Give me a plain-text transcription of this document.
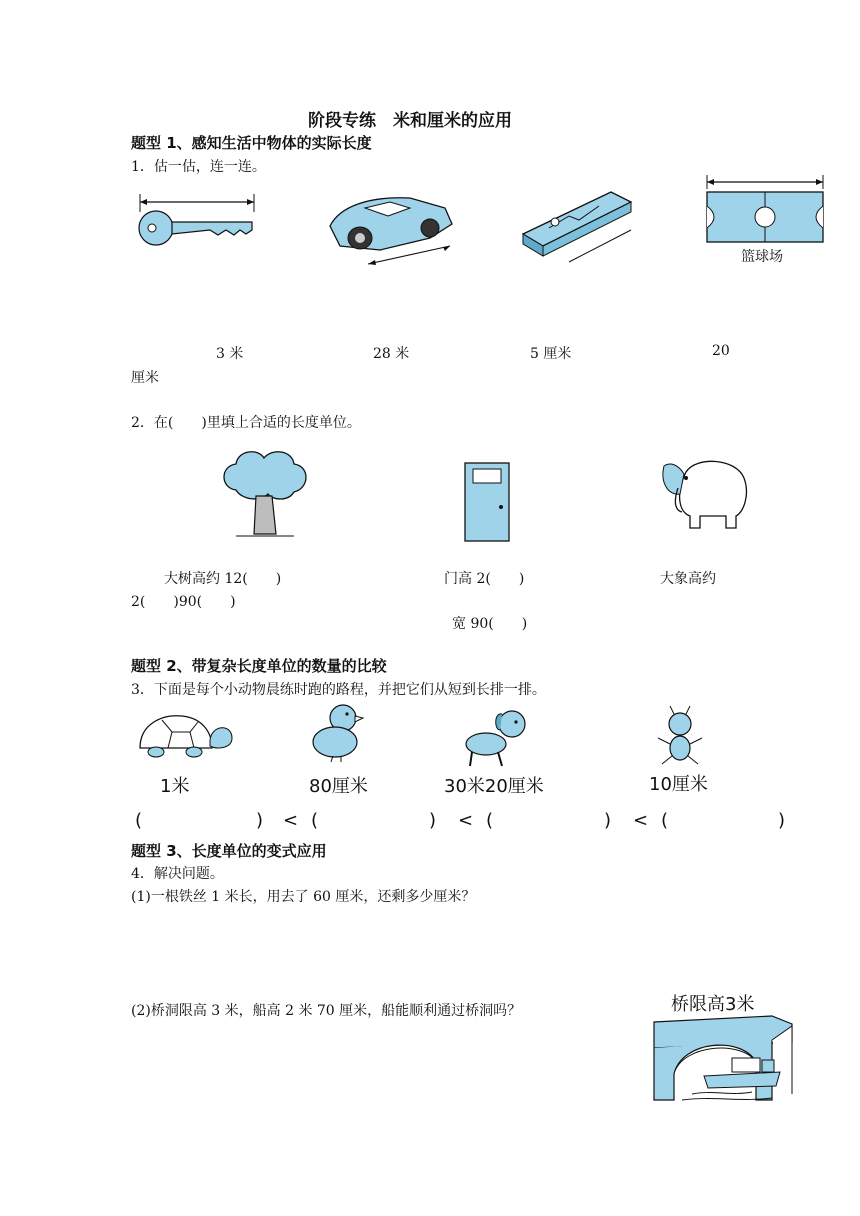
阶段专练　米和厘米的应用
题型 1、感知生活中物体的实际长度
1．估一估，连一连。
篮球场
3 米	28 米	5 厘米	20
厘米
2．在(　　)里填上合适的长度单位。
大树高约 12(　　)	门高 2(　　)	大象高约
2(　　)90(　　)
宽 90(　　)
题型 2、带复杂长度单位的数量的比较
3．下面是每个小动物晨练时跑的路程，并把它们从短到长排一排。
1米	80厘米	30米20厘米	10厘米
(	) < (	) < (	) < (	)
题型 3、长度单位的变式应用
4．解决问题。
(1)一根铁丝 1 米长，用去了 60 厘米，还剩多少厘米？
(2)桥洞限高 3 米，船高 2 米 70 厘米，船能顺利通过桥洞吗？	桥限高3米
